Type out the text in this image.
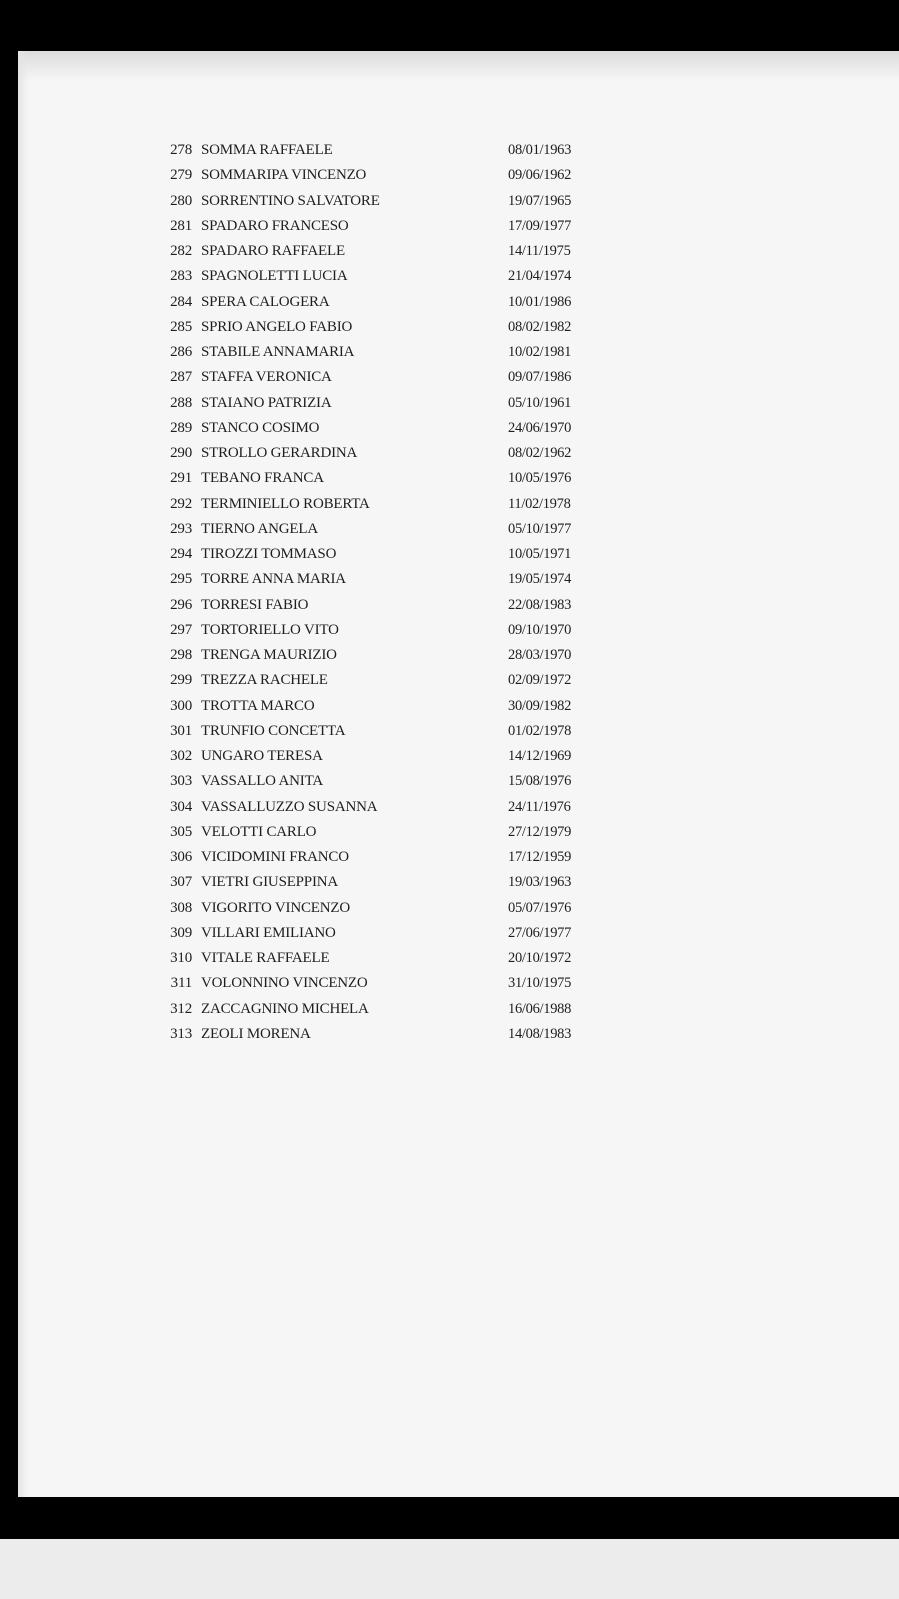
278 SOMMA RAFFAELE	08/01/1963
279 SOMMARIPA VINCENZO	09/06/1962
280 SORRENTINO SALVATORE	19/07/1965
281 SPADARO FRANCESO	17/09/1977
282 SPADARO RAFFAELE	14/11/1975
283 SPAGNOLETTI LUCIA	21/04/1974
284 SPERA CALOGERA	10/01/1986
285 SPRIO ANGELO FABIO	08/02/1982
286 STABILE ANNAMARIA	10/02/1981
287 STAFFA VERONICA	09/07/1986
288 STAIANO PATRIZIA	05/10/1961
289 STANCO COSIMO	24/06/1970
290 STROLLO GERARDINA	08/02/1962
291 TEBANO FRANCA	10/05/1976
292 TERMINIELLO ROBERTA	11/02/1978
293 TIERNO ANGELA	05/10/1977
294 TIROZZI TOMMASO	10/05/1971
295 TORRE ANNA MARIA	19/05/1974
296 TORRESI FABIO	22/08/1983
297 TORTORIELLO VITO	09/10/1970
298 TRENGA MAURIZIO	28/03/1970
299 TREZZA RACHELE	02/09/1972
300 TROTTA MARCO	30/09/1982
301 TRUNFIO CONCETTA	01/02/1978
302 UNGARO TERESA	14/12/1969
303 VASSALLO ANITA	15/08/1976
304 VASSALLUZZO SUSANNA	24/11/1976
305 VELOTTI CARLO	27/12/1979
306 VICIDOMINI FRANCO	17/12/1959
307 VIETRI GIUSEPPINA	19/03/1963
308 VIGORITO VINCENZO	05/07/1976
309 VILLARI EMILIANO	27/06/1977
310 VITALE RAFFAELE	20/10/1972
311 VOLONNINO VINCENZO	31/10/1975
312 ZACCAGNINO MICHELA	16/06/1988
313 ZEOLI MORENA	14/08/1983
